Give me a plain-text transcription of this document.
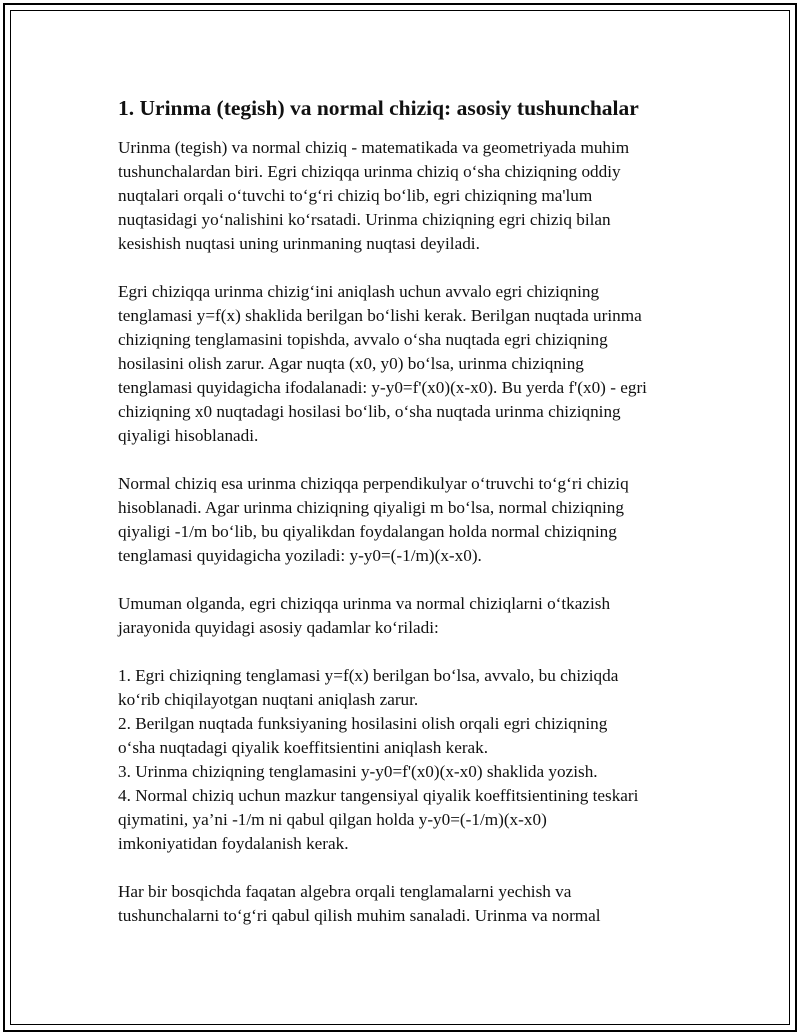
1. Urinma (tegish) va normal chiziq: asosiy tushunchalar

Urinma (tegish) va normal chiziq - matematikada va geometriyada muhim
tushunchalardan biri. Egri chiziqqa urinma chiziq o‘sha chiziqning oddiy
nuqtalari orqali o‘tuvchi to‘g‘ri chiziq bo‘lib, egri chiziqning ma'lum
nuqtasidagi yo‘nalishini ko‘rsatadi. Urinma chiziqning egri chiziq bilan
kesishish nuqtasi uning urinmaning nuqtasi deyiladi.

Egri chiziqqa urinma chizig‘ini aniqlash uchun avvalo egri chiziqning
tenglamasi y=f(x) shaklida berilgan bo‘lishi kerak. Berilgan nuqtada urinma
chiziqning tenglamasini topishda, avvalo o‘sha nuqtada egri chiziqning
hosilasini olish zarur. Agar nuqta (x0, y0) bo‘lsa, urinma chiziqning
tenglamasi quyidagicha ifodalanadi: y-y0=f'(x0)(x-x0). Bu yerda f'(x0) - egri
chiziqning x0 nuqtadagi hosilasi bo‘lib, o‘sha nuqtada urinma chiziqning
qiyaligi hisoblanadi.

Normal chiziq esa urinma chiziqqa perpendikulyar o‘truvchi to‘g‘ri chiziq
hisoblanadi. Agar urinma chiziqning qiyaligi m bo‘lsa, normal chiziqning
qiyaligi -1/m bo‘lib, bu qiyalikdan foydalangan holda normal chiziqning
tenglamasi quyidagicha yoziladi: y-y0=(-1/m)(x-x0).

Umuman olganda, egri chiziqqa urinma va normal chiziqlarni o‘tkazish
jarayonida quyidagi asosiy qadamlar ko‘riladi:

1. Egri chiziqning tenglamasi y=f(x) berilgan bo‘lsa, avvalo, bu chiziqda
ko‘rib chiqilayotgan nuqtani aniqlash zarur.
2. Berilgan nuqtada funksiyaning hosilasini olish orqali egri chiziqning
o‘sha nuqtadagi qiyalik koeffitsientini aniqlash kerak.
3. Urinma chiziqning tenglamasini y-y0=f'(x0)(x-x0) shaklida yozish.
4. Normal chiziq uchun mazkur tangensiyal qiyalik koeffitsientining teskari
qiymatini, ya’ni -1/m ni qabul qilgan holda y-y0=(-1/m)(x-x0)
imkoniyatidan foydalanish kerak.

Har bir bosqichda faqatan algebra orqali tenglamalarni yechish va
tushunchalarni to‘g‘ri qabul qilish muhim sanaladi. Urinma va normal
